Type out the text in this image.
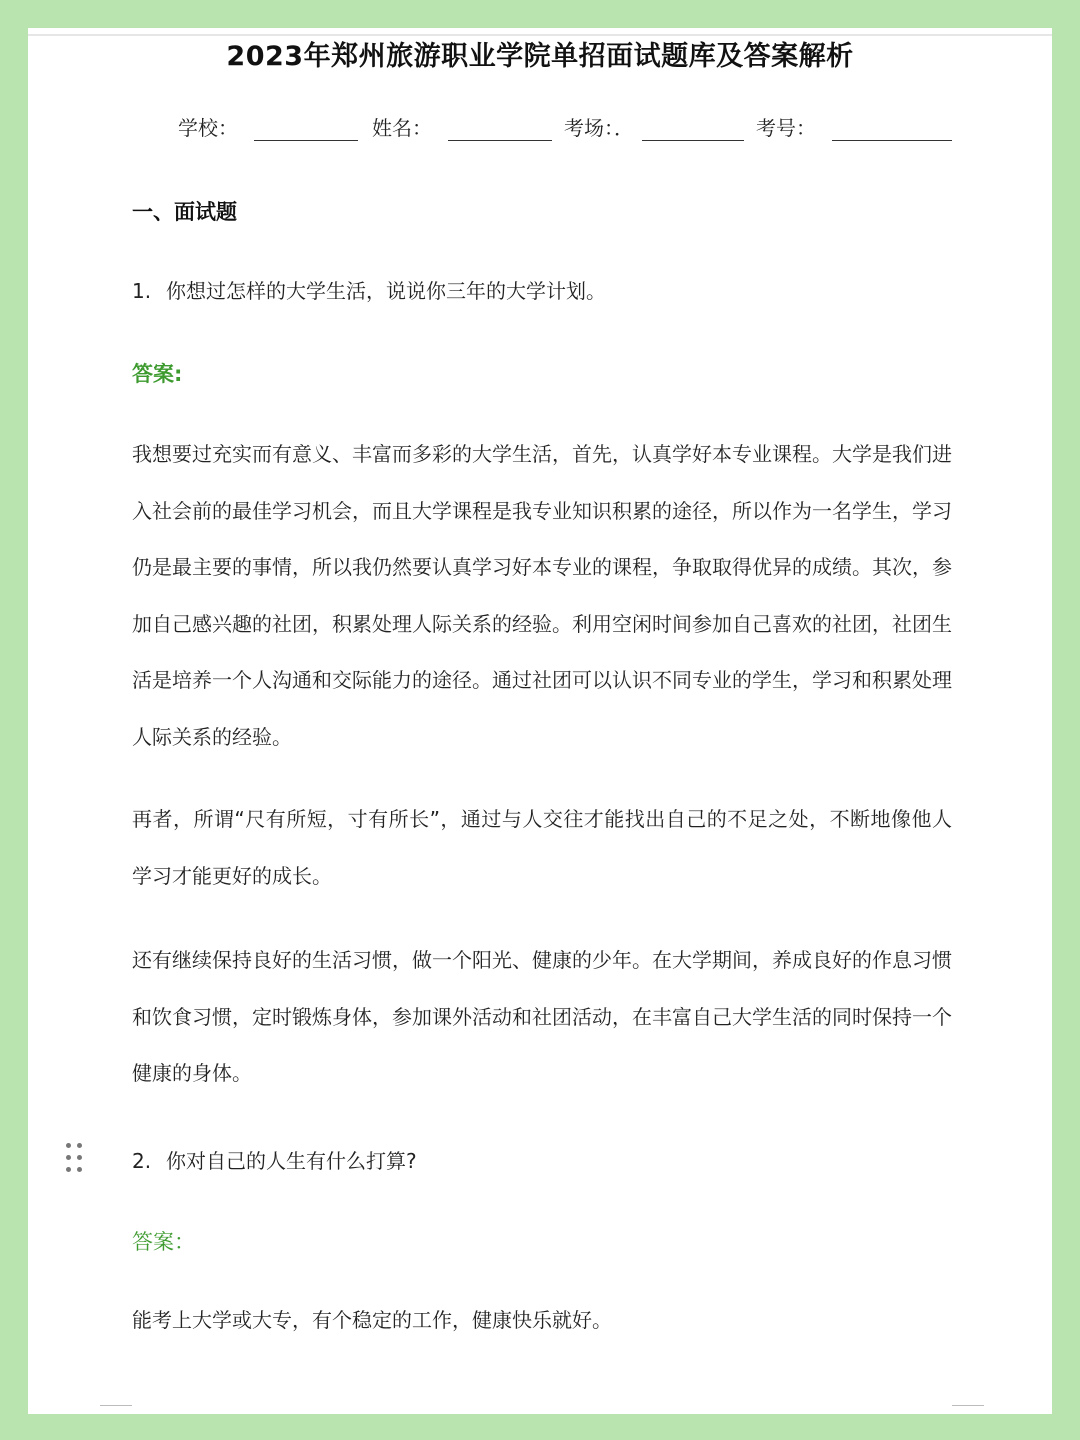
2023年郑州旅游职业学院单招面试题库及答案解析
学校：	姓名：	考场：．	考号：
一、面试题
1. 你想过怎样的大学生活，说说你三年的大学计划。
答案:

我想要过充实而有意义、丰富而多彩的大学生活，首先，认真学好本专业课程。大学是我们进入社会前的最佳学习机会，而且大学课程是我专业知识积累的途径，所以作为一名学生，学习仍是最主要的事情，所以我仍然要认真学习好本专业的课程，争取取得优异的成绩。其次，参加自己感兴趣的社团，积累处理人际关系的经验。利用空闲时间参加自己喜欢的社团，社团生活是培养一个人沟通和交际能力的途径。通过社团可以认识不同专业的学生，学习和积累处理人际关系的经验。

再者，所谓“尺有所短，寸有所长”，通过与人交往才能找出自己的不足之处，不断地像他人学习才能更好的成长。

还有继续保持良好的生活习惯，做一个阳光、健康的少年。在大学期间，养成良好的作息习惯和饮食习惯，定时锻炼身体，参加课外活动和社团活动，在丰富自己大学生活的同时保持一个健康的身体。

2. 你对自己的人生有什么打算?
答案：

能考上大学或大专，有个稳定的工作，健康快乐就好。
